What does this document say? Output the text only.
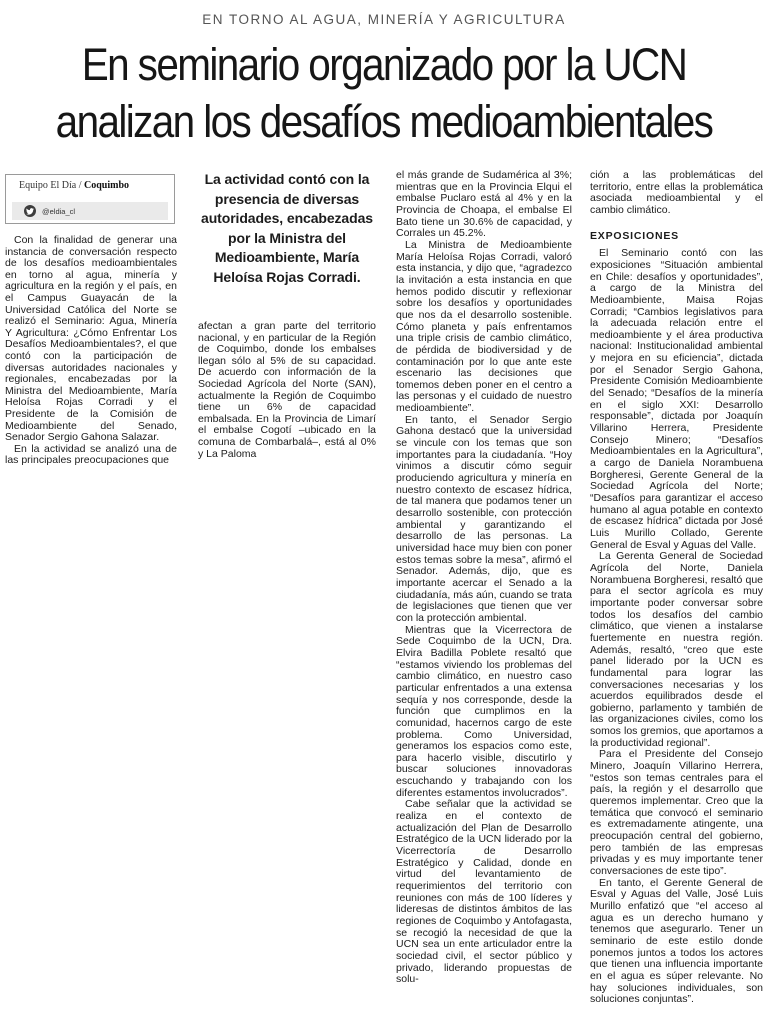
EN TORNO AL AGUA, MINERÍA Y AGRICULTURA
En seminario organizado por la UCN
analizan los desafíos medioambientales
Equipo El Día / Coquimbo
@eldia_cl
La actividad contó con la presencia de diversas autoridades, encabezadas por la Ministra del Medioambiente, María Heloísa Rojas Corradi.

Con la finalidad de generar una instancia de conversación respecto de los desafíos medioambientales en torno al agua, minería y agricultura en la región y el país, en el Campus Guayacán de la Universidad Católica del Norte se realizó el Seminario: Agua, Minería Y Agricultura: ¿Cómo Enfrentar Los Desafíos Medioambientales?, el que contó con la participación de diversas autoridades nacionales y regionales, encabezadas por la Ministra del Medioambiente, María Heloísa Rojas Corradi y el Presidente de la Comisión de Medioambiente del Senado, Senador Sergio Gahona Salazar.

En la actividad se analizó una de las principales preocupaciones que

afectan a gran parte del territorio nacional, y en particular de la Región de Coquimbo, donde los embalses llegan sólo al 5% de su capacidad. De acuerdo con información de la Sociedad Agrícola del Norte (SAN), actualmente la Región de Coquimbo tiene un 6% de capacidad embalsada. En la Provincia de Limarí el embalse Cogotí –ubicado en la comuna de Combarbalá–, está al 0% y La Paloma

el más grande de Sudamérica al 3%; mientras que en la Provincia Elqui el embalse Puclaro está al 4% y en la Provincia de Choapa, el embalse El Bato tiene un 30.6% de capacidad, y Corrales un 45.2%.

La Ministra de Medioambiente María Heloísa Rojas Corradi, valoró esta instancia, y dijo que, “agradezco la invitación a esta instancia en que hemos podido discutir y reflexionar sobre los desafíos y oportunidades que nos da el desarrollo sostenible. Cómo planeta y país enfrentamos una triple crisis de cambio climático, de pérdida de biodiversidad y de contaminación por lo que ante este escenario las decisiones que tomemos deben poner en el centro a las personas y el cuidado de nuestro medioambiente”.

En tanto, el Senador Sergio Gahona destacó que la universidad se vincule con los temas que son importantes para la ciudadanía. “Hoy vinimos a discutir cómo seguir produciendo agricultura y minería en nuestro contexto de escasez hídrica, de tal manera que podamos tener un desarrollo sostenible, con protección ambiental y garantizando el desarrollo de las personas. La universidad hace muy bien con poner estos temas sobre la mesa”, afirmó el Senador. Además, dijo, que es importante acercar el Senado a la ciudadanía, más aún, cuando se trata de legislaciones que tienen que ver con la protección ambiental.

Mientras que la Vicerrectora de Sede Coquimbo de la UCN, Dra. Elvira Badilla Poblete resaltó que “estamos viviendo los problemas del cambio climático, en nuestro caso particular enfrentados a una extensa sequía y nos corresponde, desde la función que cumplimos en la comunidad, hacernos cargo de este problema. Como Universidad, generamos los espacios como este, para hacerlo visible, discutirlo y buscar soluciones innovadoras escuchando y trabajando con los diferentes estamentos involucrados”.

Cabe señalar que la actividad se realiza en el contexto de actualización del Plan de Desarrollo Estratégico de la UCN liderado por la Vicerrectoría de Desarrollo Estratégico y Calidad, donde en virtud del levantamiento de requerimientos del territorio con reuniones con más de 100 líderes y lideresas de distintos ámbitos de las regiones de Coquimbo y Antofagasta, se recogió la necesidad de que la UCN sea un ente articulador entre la sociedad civil, el sector público y privado, liderando propuestas de solu-

ción a las problemáticas del territorio, entre ellas la problemática asociada medioambiental y el cambio climático.

EXPOSICIONES

El Seminario contó con las exposiciones “Situación ambiental en Chile: desafíos y oportunidades”, a cargo de la Ministra del Medioambiente, Maisa Rojas Corradi; “Cambios legislativos para la adecuada relación entre el medioambiente y el área productiva nacional: Institucionalidad ambiental y mejora en su eficiencia”, dictada por el Senador Sergio Gahona, Presidente Comisión Medioambiente del Senado; “Desafíos de la minería en el siglo XXI: Desarrollo responsable”, dictada por Joaquín Villarino Herrera, Presidente Consejo Minero; “Desafíos Medioambientales en la Agricultura”, a cargo de Daniela Norambuena Borgheresi, Gerente General de la Sociedad Agrícola del Norte; “Desafíos para garantizar el acceso humano al agua potable en contexto de escasez hídrica” dictada por José Luis Murillo Collado, Gerente General de Esval y Aguas del Valle.

La Gerenta General de Sociedad Agrícola del Norte, Daniela Norambuena Borgheresi, resaltó que para el sector agrícola es muy importante poder conversar sobre todos los desafíos del cambio climático, que vienen a instalarse fuertemente en nuestra región. Además, resaltó, “creo que este panel liderado por la UCN es fundamental para lograr las conversaciones necesarias y los acuerdos equilibrados desde el gobierno, parlamento y también de las organizaciones civiles, como los somos los gremios, que aportamos a la productividad regional”.

Para el Presidente del Consejo Minero, Joaquín Villarino Herrera, “estos son temas centrales para el país, la región y el desarrollo que queremos implementar. Creo que la temática que convocó el seminario es extremadamente atingente, una preocupación central del gobierno, pero también de las empresas privadas y es muy importante tener conversaciones de este tipo”.

En tanto, el Gerente General de Esval y Aguas del Valle, José Luis Murillo enfatizó que “el acceso al agua es un derecho humano y tenemos que asegurarlo. Tener un seminario de este estilo donde ponemos juntos a todos los actores que tienen una influencia importante en el agua es súper relevante. No hay soluciones individuales, son soluciones conjuntas”.
